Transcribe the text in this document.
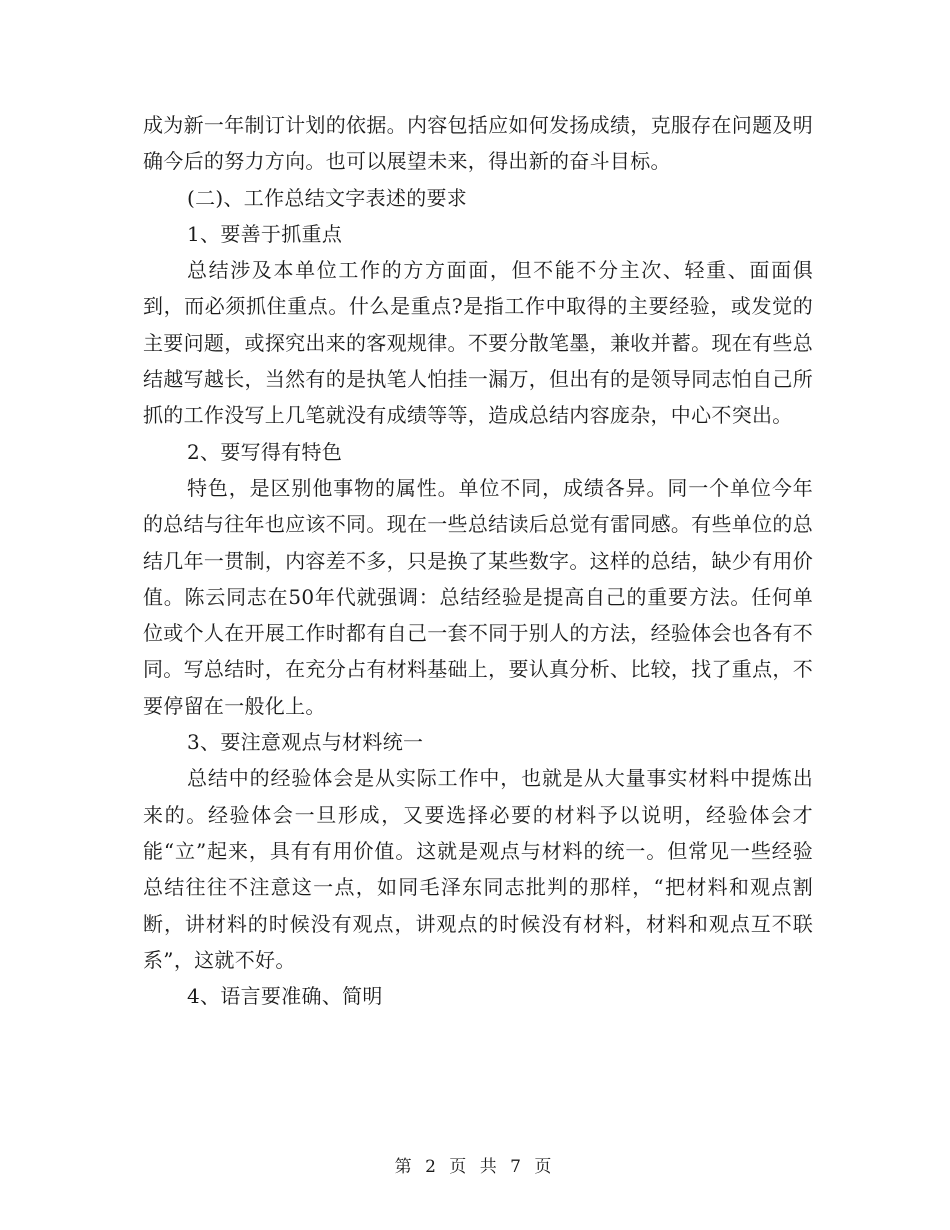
成为新一年制订计划的依据。内容包括应如何发扬成绩，克服存在问题及明确今后的努力方向。也可以展望未来，得出新的奋斗目标。

(二)、工作总结文字表述的要求

1、要善于抓重点

总结涉及本单位工作的方方面面，但不能不分主次、轻重、面面俱到，而必须抓住重点。什么是重点?是指工作中取得的主要经验，或发觉的主要问题，或探究出来的客观规律。不要分散笔墨，兼收并蓄。现在有些总结越写越长，当然有的是执笔人怕挂一漏万，但出有的是领导同志怕自己所抓的工作没写上几笔就没有成绩等等，造成总结内容庞杂，中心不突出。

2、要写得有特色

特色，是区别他事物的属性。单位不同，成绩各异。同一个单位今年的总结与往年也应该不同。现在一些总结读后总觉有雷同感。有些单位的总结几年一贯制，内容差不多，只是换了某些数字。这样的总结，缺少有用价值。陈云同志在50年代就强调：总结经验是提高自己的重要方法。任何单位或个人在开展工作时都有自己一套不同于别人的方法，经验体会也各有不同。写总结时，在充分占有材料基础上，要认真分析、比较，找了重点，不要停留在一般化上。

3、要注意观点与材料统一

总结中的经验体会是从实际工作中，也就是从大量事实材料中提炼出来的。经验体会一旦形成，又要选择必要的材料予以说明，经验体会才能“立”起来，具有有用价值。这就是观点与材料的统一。但常见一些经验总结往往不注意这一点，如同毛泽东同志批判的那样，“把材料和观点割断，讲材料的时候没有观点，讲观点的时候没有材料，材料和观点互不联系”，这就不好。

4、语言要准确、简明

第 2 页 共 7 页
